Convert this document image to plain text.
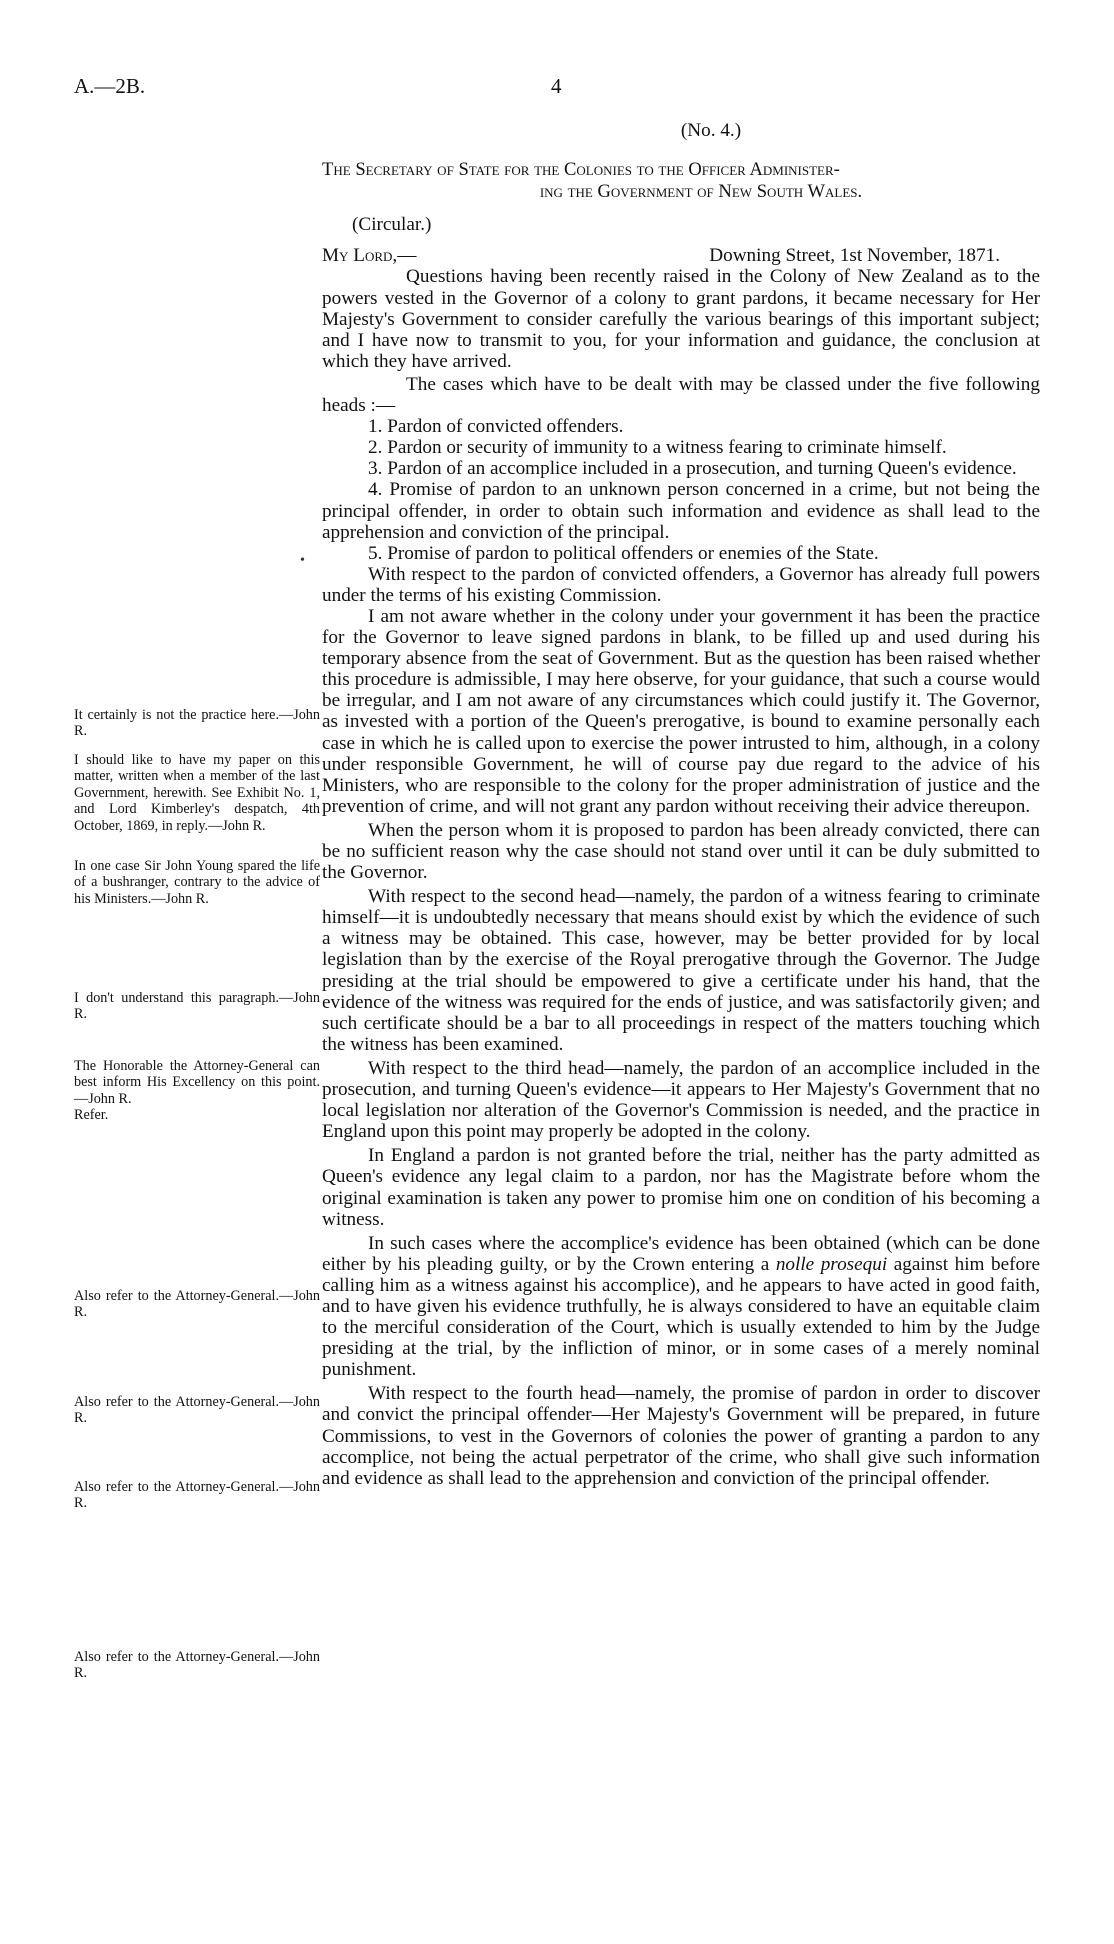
A.—2B.	4

(No. 4.)

The Secretary of State for the Colonies to the Officer Administer-

ing the Government of New South Wales.

(Circular.)

My Lord,—	Downing Street, 1st November, 1871.

Questions having been recently raised in the Colony of New Zealand as to the powers vested in the Governor of a colony to grant pardons, it became necessary for Her Majesty's Government to consider carefully the various bearings of this important subject; and I have now to transmit to you, for your information and guidance, the conclusion at which they have arrived.

The cases which have to be dealt with may be classed under the five following heads :—

1. Pardon of convicted offenders.

2. Pardon or security of immunity to a witness fearing to criminate himself.

3. Pardon of an accomplice included in a prosecution, and turning Queen's evidence.

4. Promise of pardon to an unknown person concerned in a crime, but not being the principal offender, in order to obtain such information and evidence as shall lead to the apprehension and conviction of the principal.

5. Promise of pardon to political offenders or enemies of the State.

With respect to the pardon of convicted offenders, a Governor has already full powers under the terms of his existing Commission.

I am not aware whether in the colony under your government it has been the practice for the Governor to leave signed pardons in blank, to be filled up and used during his temporary absence from the seat of Government. But as the question has been raised whether this procedure is admissible, I may here observe, for your guidance, that such a course would be irregular, and I am not aware of any circumstances which could justify it. The Governor, as invested with a portion of the Queen's prerogative, is bound to examine personally each case in which he is called upon to exercise the power intrusted to him, although, in a colony under responsible Government, he will of course pay due regard to the advice of his Ministers, who are responsible to the colony for the proper administration of justice and the prevention of crime, and will not grant any pardon without receiving their advice thereupon.

When the person whom it is proposed to pardon has been already convicted, there can be no sufficient reason why the case should not stand over until it can be duly submitted to the Governor.

With respect to the second head—namely, the pardon of a witness fearing to criminate himself—it is undoubtedly necessary that means should exist by which the evidence of such a witness may be obtained. This case, however, may be better provided for by local legislation than by the exercise of the Royal prerogative through the Governor. The Judge presiding at the trial should be empowered to give a certificate under his hand, that the evidence of the witness was required for the ends of justice, and was satisfactorily given; and such certificate should be a bar to all proceedings in respect of the matters touching which the witness has been examined.

With respect to the third head—namely, the pardon of an accomplice included in the prosecution, and turning Queen's evidence—it appears to Her Majesty's Government that no local legislation nor alteration of the Governor's Commission is needed, and the practice in England upon this point may properly be adopted in the colony.

In England a pardon is not granted before the trial, neither has the party admitted as Queen's evidence any legal claim to a pardon, nor has the Magistrate before whom the original examination is taken any power to promise him one on condition of his becoming a witness.

In such cases where the accomplice's evidence has been obtained (which can be done either by his pleading guilty, or by the Crown entering a nolle prosequi against him before calling him as a witness against his accomplice), and he appears to have acted in good faith, and to have given his evidence truthfully, he is always considered to have an equitable claim to the merciful consideration of the Court, which is usually extended to him by the Judge presiding at the trial, by the infliction of minor, or in some cases of a merely nominal punishment.

With respect to the fourth head—namely, the promise of pardon in order to discover and convict the principal offender—Her Majesty's Government will be prepared, in future Commissions, to vest in the Governors of colonies the power of granting a pardon to any accomplice, not being the actual perpetrator of the crime, who shall give such information and evidence as shall lead to the apprehension and conviction of the principal offender.

It certainly is not the practice here.—John R.

I should like to have my paper on this matter, written when a member of the last Government, herewith. See Exhibit No. 1, and Lord Kimberley's despatch, 4th October, 1869, in reply.—John R.

In one case Sir John Young spared the life of a bushranger, contrary to the advice of his Ministers.—John R.

I don't understand this paragraph.—John R.

The Honorable the Attorney-General can best inform His Excellency on this point.—John R.

Refer.

Also refer to the Attorney-General.—John R.

Also refer to the Attorney-General.—John R.

Also refer to the Attorney-General.—John R.

Also refer to the Attorney-General.—John R.

•
